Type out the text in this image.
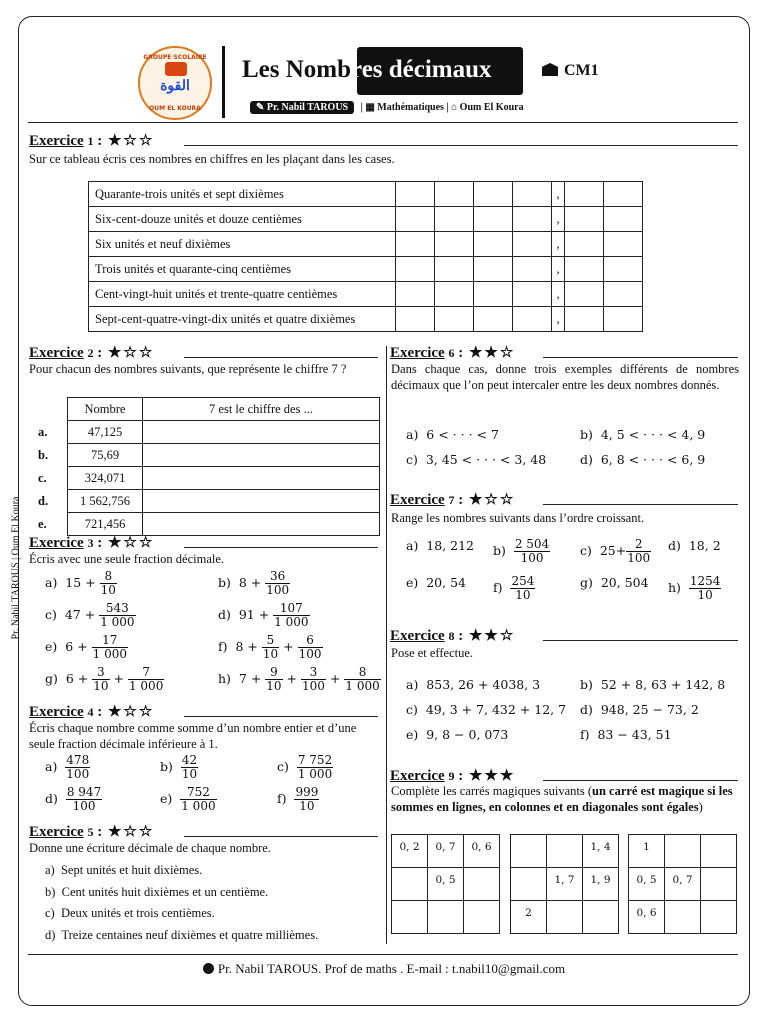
GROUPE SCOLAIRE
القوة
OUM EL KOURA
Les Nombres décimaux	CM1
✎ Pr. Nabil TAROUS | ▦ Mathématiques | ⌂ Oum El Koura
Exercice 1 : ★ ☆ ☆
Sur ce tableau écris ces nombres en chiffres en les plaçant dans les cases.
Quarante-trois unités et sept dixièmes					,		
Six-cent-douze unités et douze centièmes					,		
Six unités et neuf dixièmes					,		
Trois unités et quarante-cinq centièmes					,		
Cent-vingt-huit unités et trente-quatre centièmes					,		
Sept-cent-quatre-vingt-dix unités et quatre dixièmes					,		
Exercice 2 : ★ ☆ ☆
Pour chacun des nombres suivants, que représente le chiffre 7 ?
	Nombre	7 est le chiffre des ...
a.	47,125	
b.	75,69	
c.	324,071	
d.	1 562,756	
e.	721,456	
Exercice 3 : ★ ☆ ☆
Écris avec une seule fraction décimale.
a) $15 + \frac{8}{10}$	b) $8 + \frac{36}{100}$
c) $47 + \frac{543}{1 000}$	d) $91 + \frac{107}{1 000}$
e) $6 + \frac{17}{1 000}$	f) $8 + \frac{5}{10} + \frac{6}{100}$
g) $6 + \frac{3}{10} + \frac{7}{1 000}$	h) $7 + \frac{9}{10} + \frac{3}{100} + \frac{8}{1 000}$
Exercice 4 : ★ ☆ ☆
Écris chaque nombre comme somme d’un nombre entier et d’une seule fraction décimale inférieure à 1.
$a) \frac{478}{100}$	$b) \frac{42}{10}$	$c) \frac{7 752}{1 000}$
$d) \frac{8 947}{100}$	$e) \frac{752}{1 000}$	$f) \frac{999}{10}$
Exercice 5 : ★ ☆ ☆
Donne une écriture décimale de chaque nombre.
a) Sept unités et huit dixièmes.
b) Cent unités huit dixièmes et un centième.
c) Deux unités et trois centièmes.
d) Treize centaines neuf dixièmes et quatre millièmes.
Exercice 6 : ★ ★ ☆
Dans chaque cas, donne trois exemples différents de nombres décimaux que l’on peut intercaler entre les deux nombres donnés.
a) 6 < · · · < 7	b) 4, 5 < · · · < 4, 9
c) 3, 45 < · · · < 3, 48	d) 6, 8 < · · · < 6, 9
Exercice 7 : ★ ☆ ☆
Range les nombres suivants dans l’ordre croissant.
a) 18, 212 $b) \frac{2 504}{100} c$) $25+ \frac{2}{100} d$) 18, 2
e) 20, 54 $f) \frac{254}{10}$	g) 20, 504 $h) \frac{1254}{10}$
Exercice 8 : ★ ★ ☆
Pose et effectue.
a) 853, 26 + 4038, 3	b) 52 + 8, 63 + 142, 8
c) 49, 3 + 7, 432 + 12, 7 d) 948, 25 − 73, 2
e) 9, 8 − 0, 073	f) 83 − 43, 51
Exercice 9 : ★ ★ ★
Complète les carrés magiques suivants (un carré est magique si les sommes en lignes, en colonnes et en diagonales sont égales)
0, 2	0, 7	0, 6
	0, 5	

		1, 4
	1, 7	1, 9
2		
1		
0, 5	0, 7	
0, 6		
Pr. Nabil TAROUS | Oum El Koura
Pr. Nabil TAROUS. Prof de maths . E-mail : t.nabil10@gmail.com
